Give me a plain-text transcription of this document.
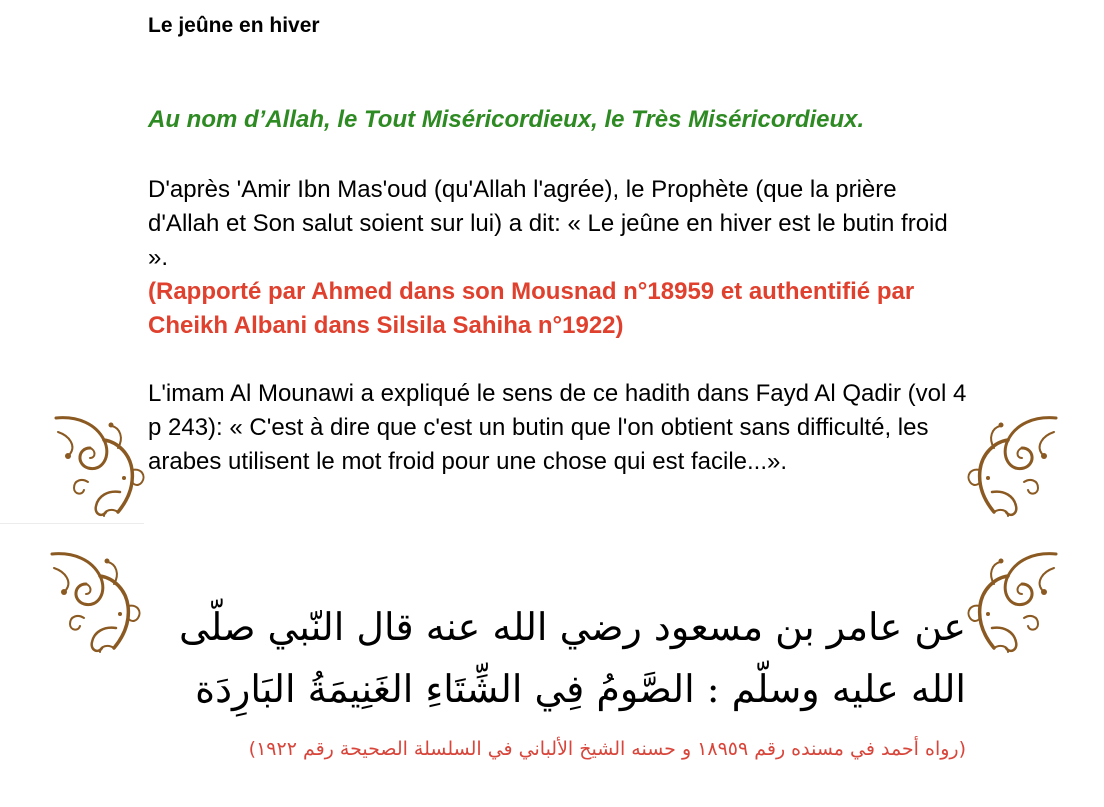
Le jeûne en hiver

Au nom d’Allah, le Tout Miséricordieux, le Très Miséricordieux.

D'après 'Amir Ibn Mas'oud (qu'Allah l'agrée), le Prophète (que la prière d'Allah et Son salut soient sur lui) a dit: « Le jeûne en hiver est le butin froid ».

(Rapporté par Ahmed dans son Mousnad n°18959 et authentifié par Cheikh Albani dans Silsila Sahiha n°1922)

L'imam Al Mounawi a expliqué le sens de ce hadith dans Fayd Al Qadir (vol 4 p 243): « C'est à dire que c'est un butin que l'on obtient sans difficulté, les arabes utilisent le mot froid pour une chose qui est facile...».

عن عامر بن مسعود رضي الله عنه قال النّبي صلّى الله عليه وسلّم : الصَّومُ فِي الشِّتَاءِ الغَنِيمَةُ البَارِدَة

(رواه أحمد في مسنده رقم ١٨٩٥٩ و حسنه الشيخ الألباني في السلسلة الصحيحة رقم ١٩٢٢)
